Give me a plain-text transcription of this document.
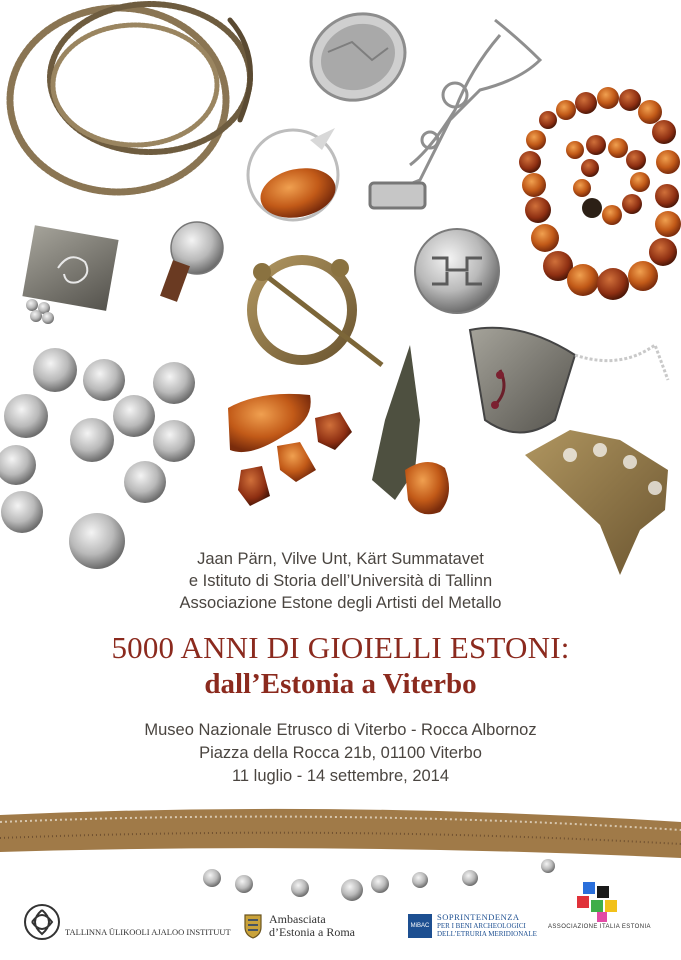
Jaan Pärn, Vilve Unt, Kärt Summatavet
e Istituto di Storia dell’Università di Tallinn
Associazione Estone degli Artisti del Metallo
5000 ANNI DI GIOIELLI ESTONI:
dall’Estonia a Viterbo
Museo Nazionale Etrusco di Viterbo - Rocca Albornoz
Piazza della Rocca 21b, 01100 Viterbo
11 luglio - 14 settembre, 2014
TALLINNA ÜLIKOOLI AJALOO INSTITUUT
Ambasciata
d’Estonia a Roma	MiBAC
SOPRINTENDENZA
PER I BENI ARCHEOLOGICI
DELL’ETRURIA MERIDIONALE
ASSOCIAZIONE ITALIA ESTONIA
